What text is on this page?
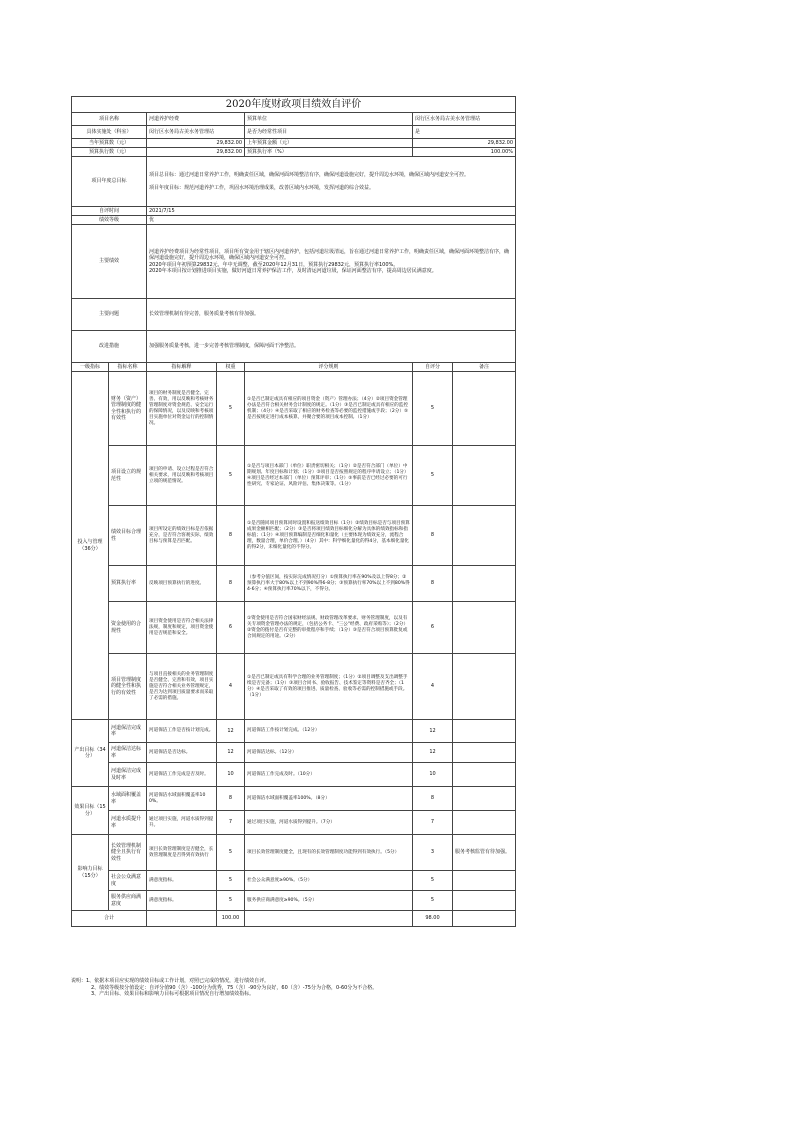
2020年度财政项目绩效自评价						
项目名称		河道养护经费		预算单位	闵行区水务局古美水务管理站	
具体实施处（科室）		闵行区水务局古美水务管理站		是否为经常性项目	是	
当年预算数（元）		29,832.00		上年预算金额（元）	29,832.00	
预算执行数（元）		29,832.00		预算执行率（%）	100.00%	
项目年度总目标		项目总目标：通过河道日常养护工作，明确责任区域，确保河面环境整洁有序，确保河道设施完好，提升周边水环境，确保区域内河道安全可控。
项目年度目标：规范河道养护工作，巩固水环境治理成果，改善区域内水环境，发挥河道的综合效益。				

自评时间		2021/7/15				
绩效等级		优				
主要绩效		河道养护经费项目为经常性项目，项目所有资金用于辖区内河道养护，包括河道垃圾清运，旨在通过河道日常养护工作，明确责任区域，确保河面环境整洁有序，确保河道设施完好，提升周边水环境，确保区域内河道安全可控。
2020年项目年初预算29832元，年中无调整，截至2020年12月31日，预算执行29832元，预算执行率100%。
2020年本项目按计划推进项目实施，做好河道日常养护保洁工作，及时清运河道垃圾，保证河面整洁有序，提高周边居民满意度。				

主要问题		长效管理机制有待完善，服务质量考核有待加强。				
改进措施		加强服务质量考核，进一步完善考核管理制度，保障河面干净整洁。				
一级指标	指标名称	指标解释	权重	评分规则	自评分	备注
投入与管理（36分）	财务（资产）管理制度的健全性和执行的有效性	项目的财务制度是否健全、完善、有效，用以反映和考核财务管理制度对资金规范、安全运行的保障情况，以及反映和考核项目实施单位对资金运行的控制情况。	5	①是否已制定或具有相应的项目资金（资产）管理办法；（4分）②项目资金管理办法是否符合相关财务会计制度的规定。（1分）③是否已制定或具有相应的监控机制；（4分）④是否采取了相应的财务检查等必要的监控措施或手段；（2分）⑤是否按规定进行成本核算，并聚合要的项目成本控制。（1分）	5	
	项目设立的规范性	项目的申请、设立过程是否符合相关要求，用以反映和考核项目立项的规范情况。	5	①是否与项目本部门（单位）职责密切相关；（1分）②是否符合部门（单位）中期规划、年度目标和计划；（1分）③项目是否按照规定的程序申请设立；（1分）④项目是否经过本部门（单位）预算评审；（1分）⑤事前是否已经过必要的可行性研究、专家论证、风险评估、集体决策等。（1分）	5	
	绩效目标合理性	项目所设定的绩效目标是否依据充分，是否符合客观实际，绩效目标与预算是否匹配。	8	①是否随同项目预算同时设置和报送绩效目标（1分）②绩效目标是否与项目预算成果金额相匹配；（2分）③是否将项目绩效目标细化分解为具体的绩效指标和指标值；（1分）④项目预算编制是否细化和量化（主要体现为绩效充分，流程合理，数量合理，单价合理。）（4分）其中：科学细化量化的得4分，基本细化量化的得2分，未细化量化的不得分。	8	
	预算执行率	反映项目预算执行的进度。	8	（参考分值区间，按实际完成情况打分）①预算执行率在90%及以上得8分；②预算执行率大于80%以上不到90%得6-8分；③预算执行率70%以上不到80%得4-6分；④预算执行率70%以下，不得分。	8	
	资金使用的合规性	项目资金使用是否符合相关法律法规，制度和规定，项目资金使用是否规范和安全。	6	①资金使用是否符合国家财经法规、财政管理改革要求、财务管理制度，以及有关专项资金管理办法的规定，（包括公务卡、"三公"经费、政府采购等）；（2分）②资金的拨付是否有完整的审批程序和手续；（1分）③是否符合项目预算批复或合同规定的用途。（2分）	6	
	项目管理制度的健全性和执行的有效性	与项目直接相关的业务管理制度是否健全、完善和有效，项目实施是否符合相关业务管理规定，是否为达到项目质量要求而采取了必需的措施。	4	①是否已制定或具有科学合理的业务管理制度；（1分）②项目调整及支出调整手续是否完备；（1分）③项目合同书、验收报告、技术鉴定等资料是否齐全；（1分）④是否采取了有效的项目推进、质量检查、验收等必需的控制措施或手段。（1分）	4	
产出目标（34分）	河道保洁完成率	河道保洁工作是否按计划完成。	12	河道保洁工作按计划完成。（12分）	12	
	河道保洁达标率	河道保洁是否达标。	12	河道保洁达标。（12分）	12	
	河道保洁完成及时率	河道保洁工作完成是否及时。	10	河道保洁工作完成及时。（10分）	10	
效果目标（15分）	水域面积覆盖率	河道保洁水域面积覆盖率100%。	8	河道保洁水域面积覆盖率100%。（8分）	8	
	河道水质提升率	通过项目实施，河道水质得到提升。	7	通过项目实施，河道水质得到提升。（7分）	7	
影响力目标（15分）	长效管理机制健全且执行有效性	项目长效管理制度是否健全，长效管理制度是否得到有效执行	5	项目长效管理制度健全，且现有的长效管理制度功能得到有效执行。（5分）	3	服务考核监管有待加强。
	社会公众满意度	满意度指标。	5	社会公众满意度≥90%。（5分）	5	
	服务供应商满意度	满意度指标。	5	服务供应商满意度≥90%。（5分）	5	
合计			100.00		98.00	
说明：1、依据本项目应实现的绩效目标或工作计划，对照已完成的情况，进行绩效自评。
2、绩效等级按分值设定：自评分值90（含）-100分为优秀，75（含）-90分为良好，60（含）-75分为合格，0-60分为不合格。
3、产出目标、效果目标和影响力目标可根据项目情况自行增加绩效指标。
